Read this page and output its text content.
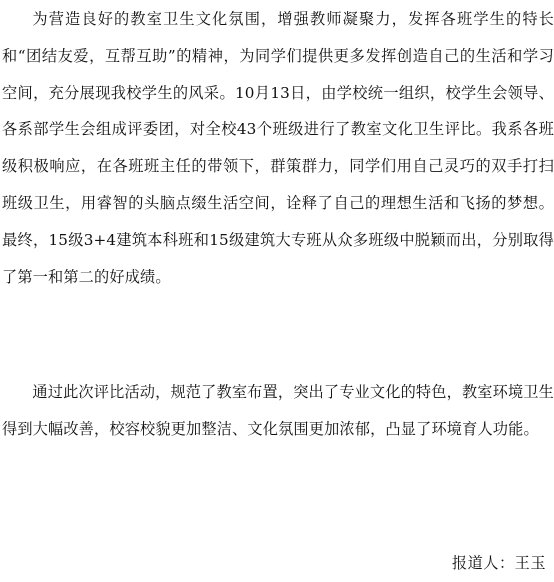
为营造良好的教室卫生文化氛围，增强教师凝聚力，发挥各班学生的特长和“团结友爱，互帮互助”的精神，为同学们提供更多发挥创造自己的生活和学习空间，充分展现我校学生的风采。10月13日，由学校统一组织，校学生会领导、各系部学生会组成评委团，对全校43个班级进行了教室文化卫生评比。我系各班级积极响应，在各班班主任的带领下，群策群力，同学们用自己灵巧的双手打扫班级卫生，用睿智的头脑点缀生活空间，诠释了自己的理想生活和飞扬的梦想。最终，15级3+4建筑本科班和15级建筑大专班从众多班级中脱颖而出，分别取得了第一和第二的好成绩。

通过此次评比活动，规范了教室布置，突出了专业文化的特色，教室环境卫生得到大幅改善，校容校貌更加整洁、文化氛围更加浓郁，凸显了环境育人功能。

报道人：王玉
